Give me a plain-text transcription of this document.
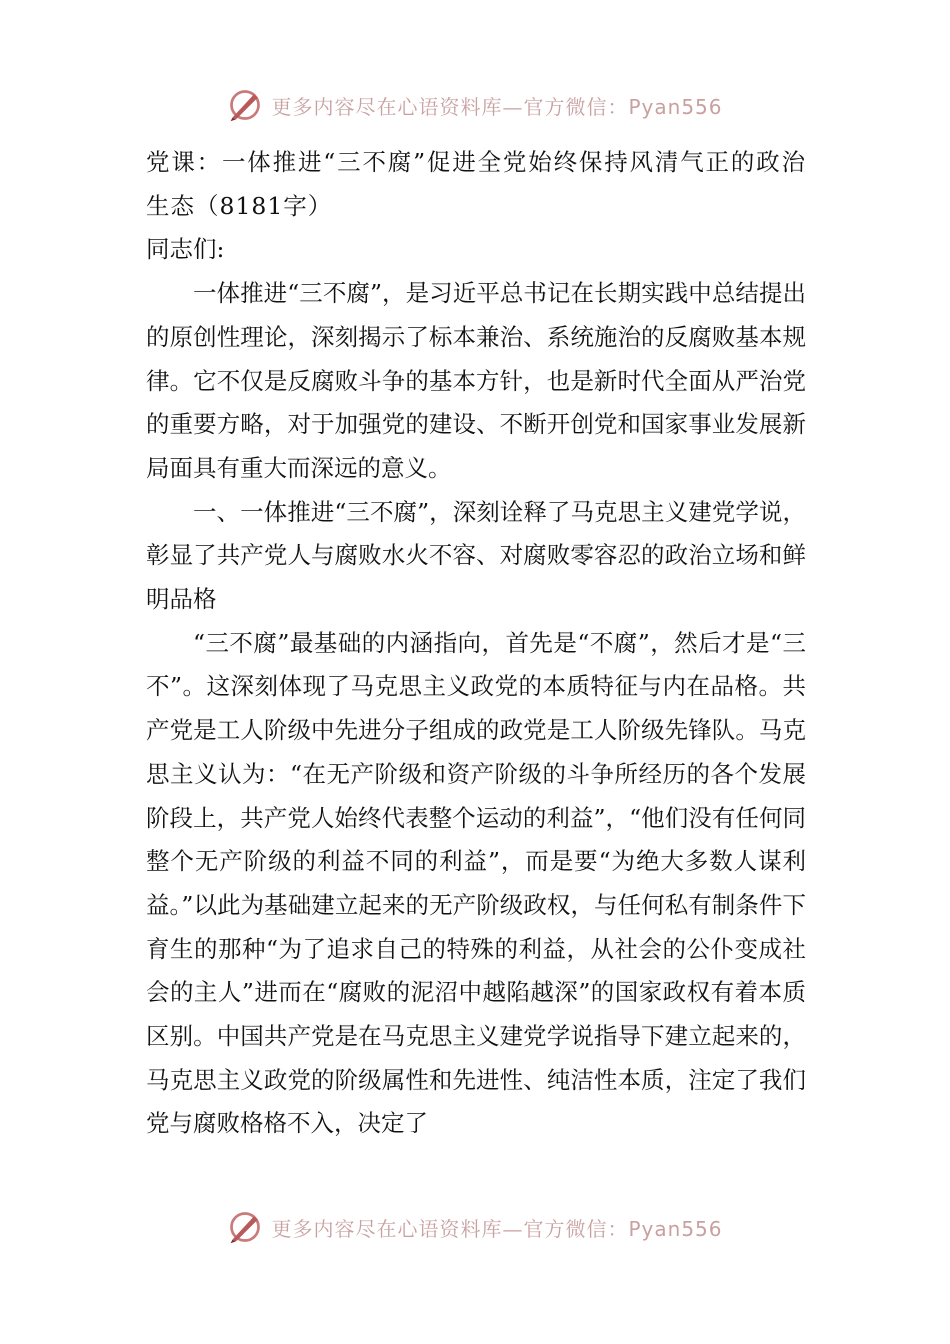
更多内容尽在心语资料库—官方微信：Pyan556

党课：一体推进“三不腐”促进全党始终保持风清气正的政治生态（8181字）

同志们:

一体推进“三不腐”，是习近平总书记在长期实践中总结提出的原创性理论，深刻揭示了标本兼治、系统施治的反腐败基本规律。它不仅是反腐败斗争的基本方针，也是新时代全面从严治党的重要方略，对于加强党的建设、不断开创党和国家事业发展新局面具有重大而深远的意义。

一、一体推进“三不腐”，深刻诠释了马克思主义建党学说，彰显了共产党人与腐败水火不容、对腐败零容忍的政治立场和鲜明品格

“三不腐”最基础的内涵指向，首先是“不腐”，然后才是“三不”。这深刻体现了马克思主义政党的本质特征与内在品格。共产党是工人阶级中先进分子组成的政党是工人阶级先锋队。马克思主义认为：“在无产阶级和资产阶级的斗争所经历的各个发展阶段上，共产党人始终代表整个运动的利益”，“他们没有任何同整个无产阶级的利益不同的利益”，而是要“为绝大多数人谋利益。”以此为基础建立起来的无产阶级政权，与任何私有制条件下育生的那种“为了追求自己的特殊的利益，从社会的公仆变成社会的主人”进而在“腐败的泥沼中越陷越深”的国家政权有着本质区别。中国共产党是在马克思主义建党学说指导下建立起来的，马克思主义政党的阶级属性和先进性、纯洁性本质，注定了我们党与腐败格格不入，决定了

更多内容尽在心语资料库—官方微信：Pyan556
